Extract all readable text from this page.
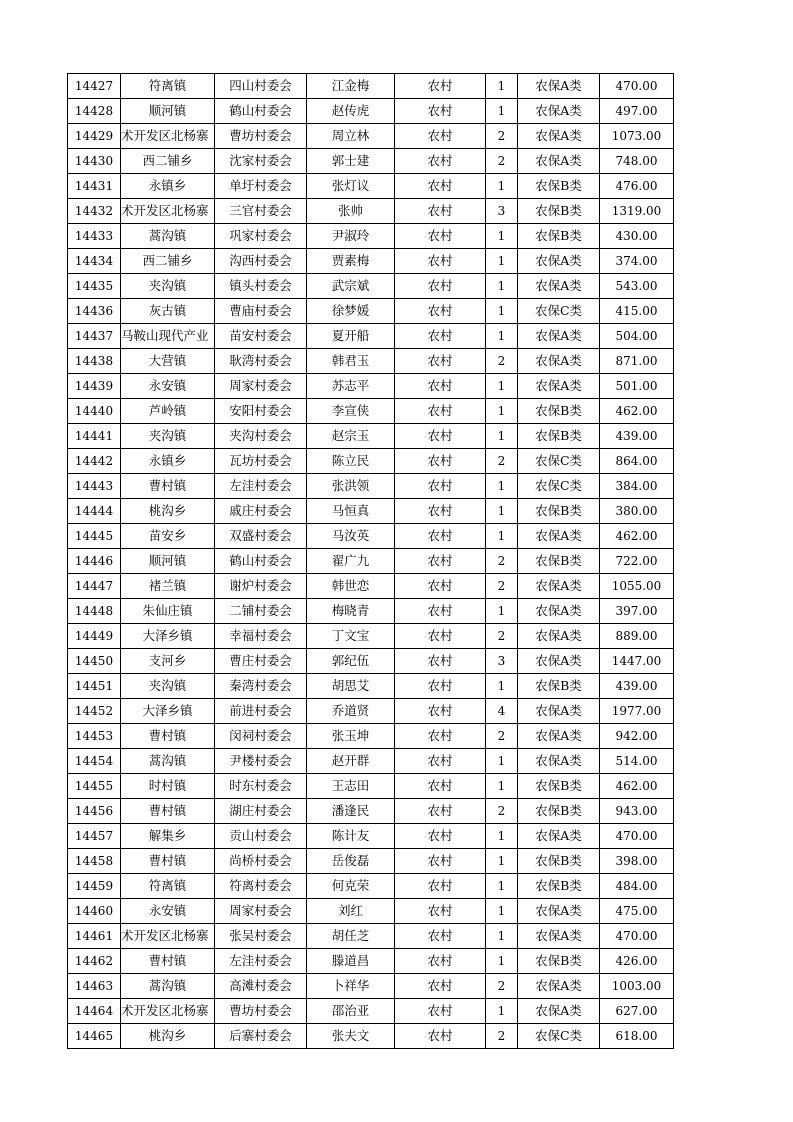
14427	符离镇	四山村委会	江金梅	农村	1	农保A类	470.00
14428	顺河镇	鹤山村委会	赵传虎	农村	1	农保A类	497.00
14429	术开发区北杨寨	曹坊村委会	周立林	农村	2	农保A类	1073.00
14430	西二铺乡	沈家村委会	郭士建	农村	2	农保A类	748.00
14431	永镇乡	单圩村委会	张灯议	农村	1	农保B类	476.00
14432	术开发区北杨寨	三官村委会	张帅	农村	3	农保B类	1319.00
14433	蒿沟镇	巩家村委会	尹淑玲	农村	1	农保B类	430.00
14434	西二铺乡	沟西村委会	贾素梅	农村	1	农保A类	374.00
14435	夹沟镇	镇头村委会	武宗斌	农村	1	农保A类	543.00
14436	灰古镇	曹庙村委会	徐梦媛	农村	1	农保C类	415.00
14437	马鞍山现代产业	苗安村委会	夏开船	农村	1	农保A类	504.00
14438	大营镇	耿湾村委会	韩君玉	农村	2	农保A类	871.00
14439	永安镇	周家村委会	苏志平	农村	1	农保A类	501.00
14440	芦岭镇	安阳村委会	李宣侠	农村	1	农保B类	462.00
14441	夹沟镇	夹沟村委会	赵宗玉	农村	1	农保B类	439.00
14442	永镇乡	瓦坊村委会	陈立民	农村	2	农保C类	864.00
14443	曹村镇	左洼村委会	张洪领	农村	1	农保C类	384.00
14444	桃沟乡	戚庄村委会	马恒真	农村	1	农保B类	380.00
14445	苗安乡	双盛村委会	马汝英	农村	1	农保A类	462.00
14446	顺河镇	鹤山村委会	翟广九	农村	2	农保B类	722.00
14447	褚兰镇	谢炉村委会	韩世恋	农村	2	农保A类	1055.00
14448	朱仙庄镇	二铺村委会	梅晓青	农村	1	农保A类	397.00
14449	大泽乡镇	幸福村委会	丁文宝	农村	2	农保A类	889.00
14450	支河乡	曹庄村委会	郭纪伍	农村	3	农保A类	1447.00
14451	夹沟镇	秦湾村委会	胡思艾	农村	1	农保B类	439.00
14452	大泽乡镇	前进村委会	乔道贤	农村	4	农保A类	1977.00
14453	曹村镇	闵祠村委会	张玉坤	农村	2	农保A类	942.00
14454	蒿沟镇	尹楼村委会	赵开群	农村	1	农保A类	514.00
14455	时村镇	时东村委会	王志田	农村	1	农保B类	462.00
14456	曹村镇	湖庄村委会	潘逢民	农村	2	农保B类	943.00
14457	解集乡	贡山村委会	陈计友	农村	1	农保A类	470.00
14458	曹村镇	尚桥村委会	岳俊磊	农村	1	农保B类	398.00
14459	符离镇	符离村委会	何克荣	农村	1	农保B类	484.00
14460	永安镇	周家村委会	刘红	农村	1	农保A类	475.00
14461	术开发区北杨寨	张吴村委会	胡任芝	农村	1	农保A类	470.00
14462	曹村镇	左洼村委会	滕道昌	农村	1	农保B类	426.00
14463	蒿沟镇	高滩村委会	卜祥华	农村	2	农保A类	1003.00
14464	术开发区北杨寨	曹坊村委会	邵治亚	农村	1	农保A类	627.00
14465	桃沟乡	后寨村委会	张夫文	农村	2	农保C类	618.00
